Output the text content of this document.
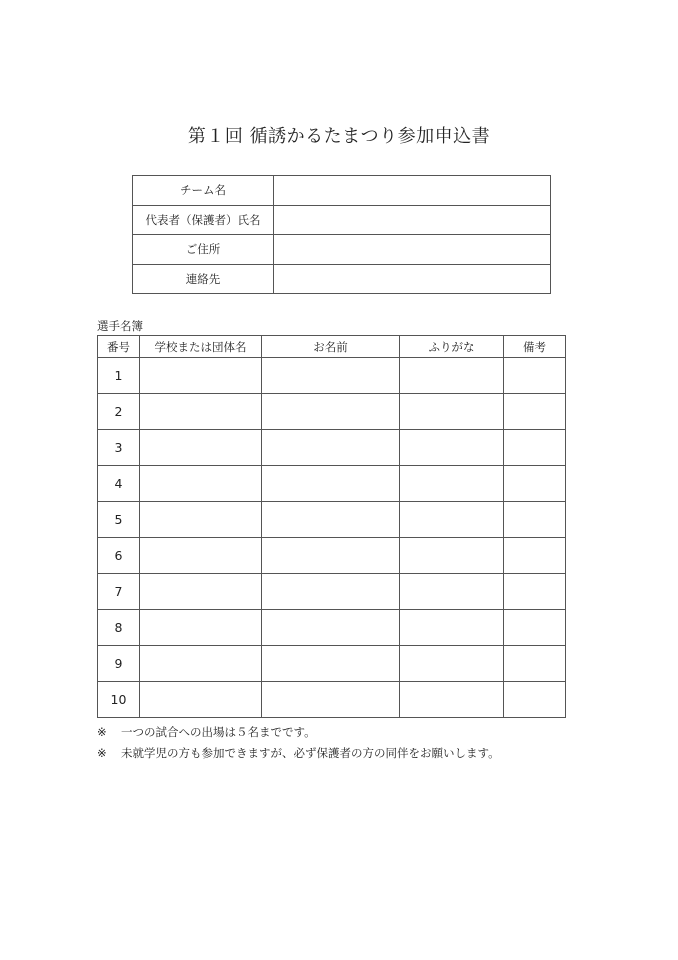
第１回 循誘かるたまつり参加申込書
チーム名	
代表者（保護者）氏名	
ご住所	
連絡先	
選手名簿
番号	学校または団体名	お名前	ふりがな	備考
1				
2				
3				
4				
5				
6				
7				
8				
9				
10				
※ 一つの試合への出場は５名までです。
※ 未就学児の方も参加できますが、必ず保護者の方の同伴をお願いします。
